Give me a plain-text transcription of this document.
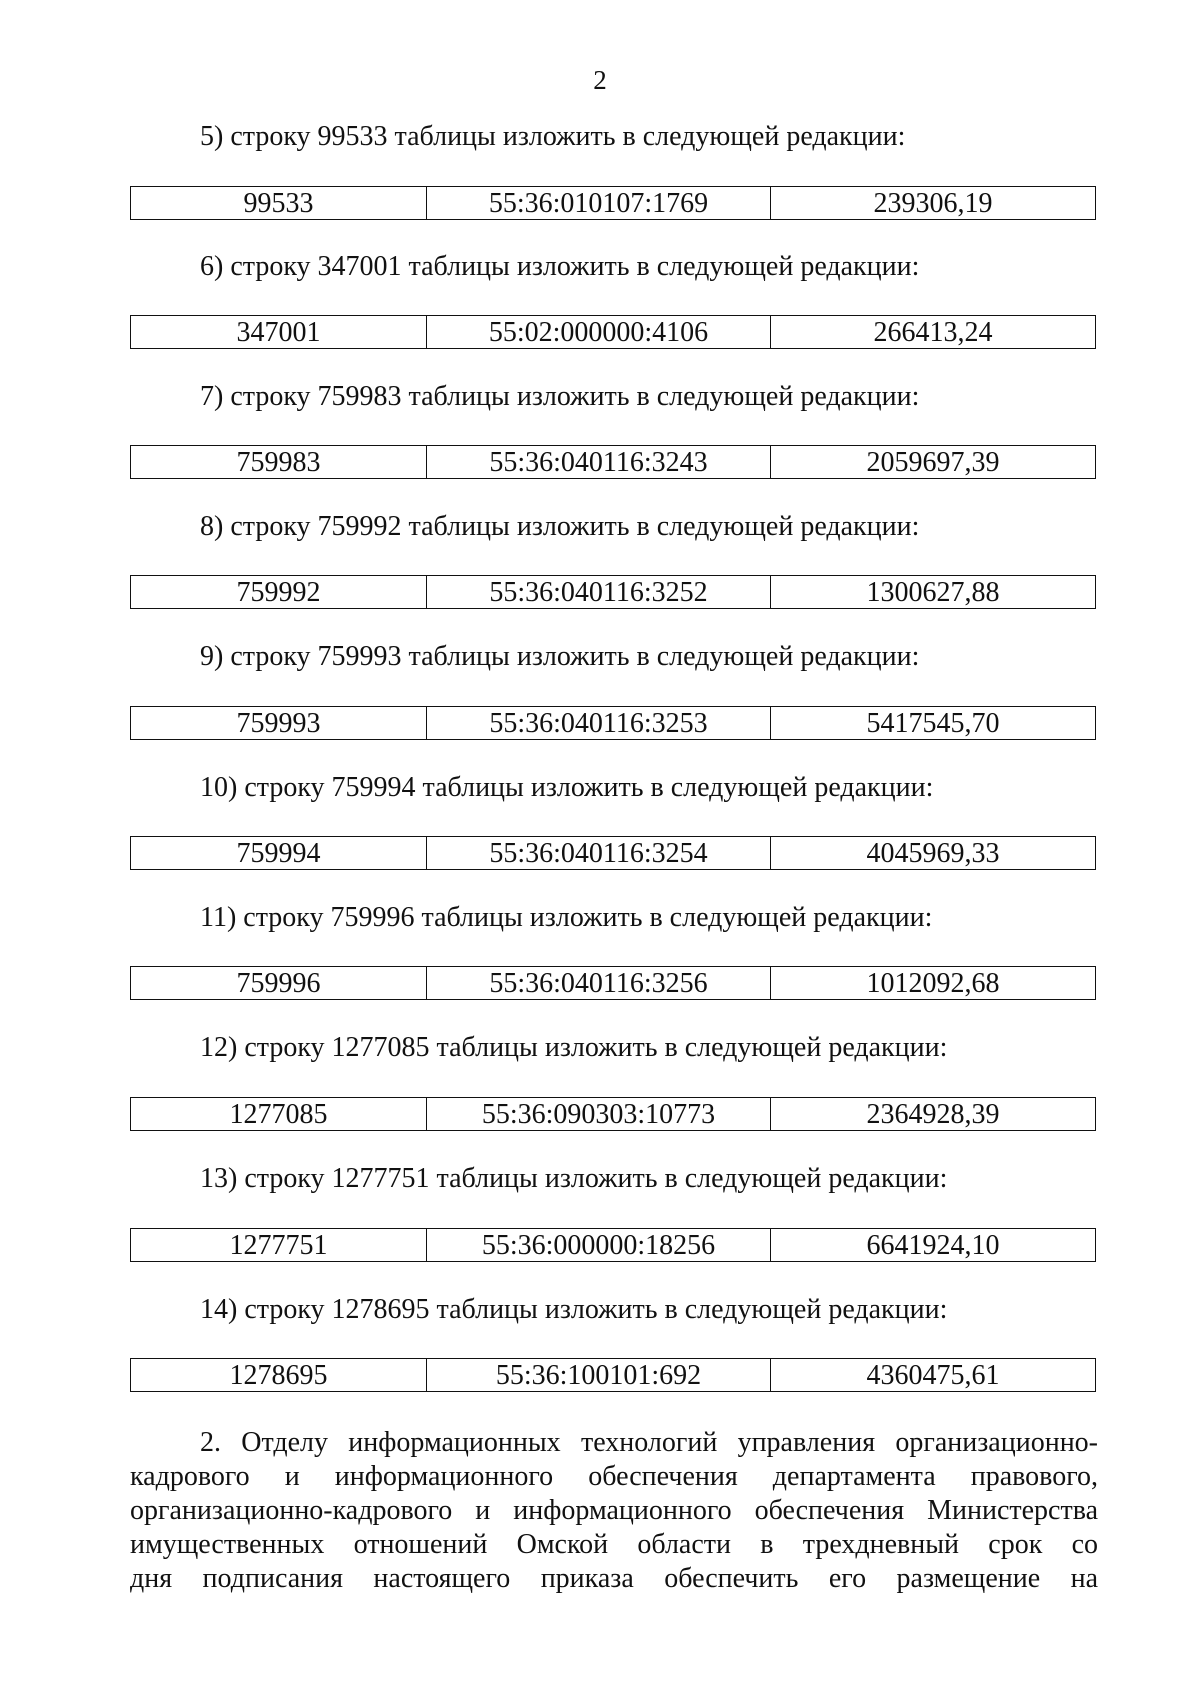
2
5) строку 99533 таблицы изложить в следующей редакции:
99533	55:36:010107:1769	239306,19
6) строку 347001 таблицы изложить в следующей редакции:
347001	55:02:000000:4106	266413,24
7) строку 759983 таблицы изложить в следующей редакции:
759983	55:36:040116:3243	2059697,39
8) строку 759992 таблицы изложить в следующей редакции:
759992	55:36:040116:3252	1300627,88
9) строку 759993 таблицы изложить в следующей редакции:
759993	55:36:040116:3253	5417545,70
10) строку 759994 таблицы изложить в следующей редакции:
759994	55:36:040116:3254	4045969,33
11) строку 759996 таблицы изложить в следующей редакции:
759996	55:36:040116:3256	1012092,68
12) строку 1277085 таблицы изложить в следующей редакции:
1277085	55:36:090303:10773	2364928,39
13) строку 1277751 таблицы изложить в следующей редакции:
1277751	55:36:000000:18256	6641924,10
14) строку 1278695 таблицы изложить в следующей редакции:
1278695	55:36:100101:692	4360475,61
2. Отделу информационных технологий управления организационно-
кадрового и информационного обеспечения департамента правового,
организационно-кадрового и информационного обеспечения Министерства
имущественных отношений Омской области в трехдневный срок со
дня подписания настоящего приказа обеспечить его размещение на
